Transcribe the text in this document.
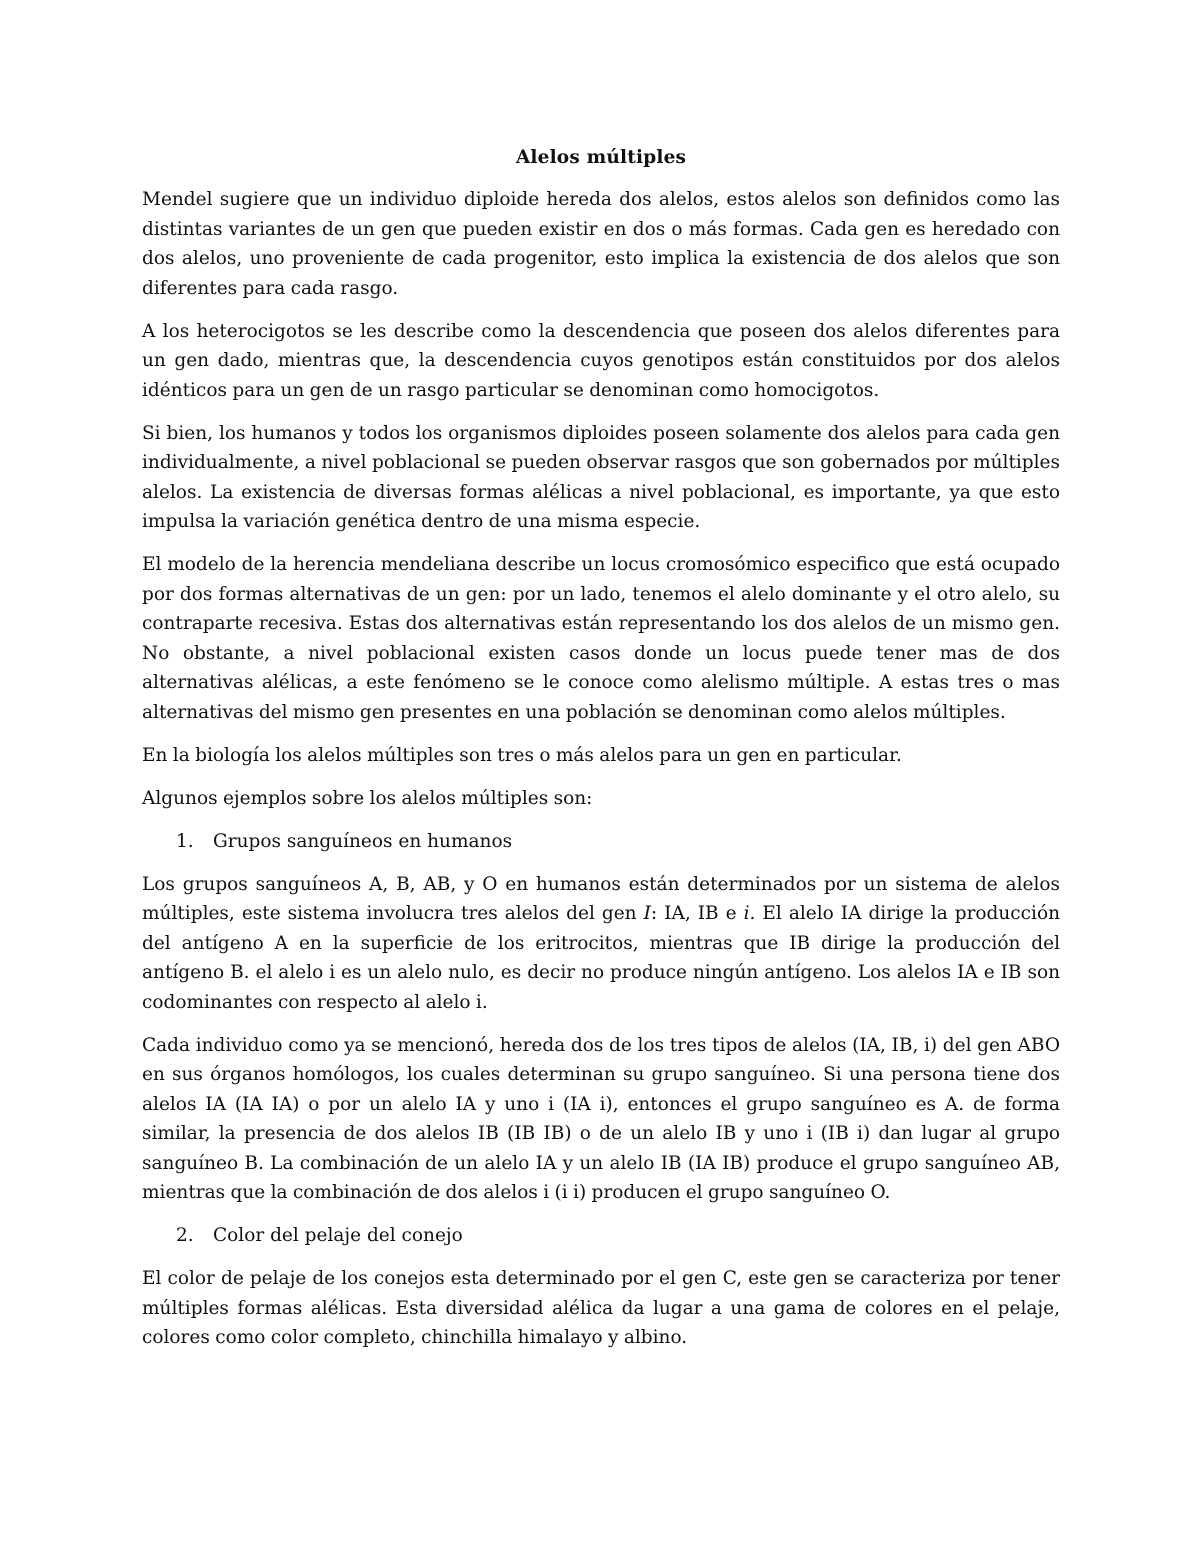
Alelos múltiples

Mendel sugiere que un individuo diploide hereda dos alelos, estos alelos son definidos como las distintas variantes de un gen que pueden existir en dos o más formas. Cada gen es heredado con dos alelos, uno proveniente de cada progenitor, esto implica la existencia de dos alelos que son diferentes para cada rasgo.

A los heterocigotos se les describe como la descendencia que poseen dos alelos diferentes para un gen dado, mientras que, la descendencia cuyos genotipos están constituidos por dos alelos idénticos para un gen de un rasgo particular se denominan como homocigotos.

Si bien, los humanos y todos los organismos diploides poseen solamente dos alelos para cada gen individualmente, a nivel poblacional se pueden observar rasgos que son gobernados por múltiples alelos. La existencia de diversas formas alélicas a nivel poblacional, es importante, ya que esto impulsa la variación genética dentro de una misma especie.

El modelo de la herencia mendeliana describe un locus cromosómico especifico que está ocupado por dos formas alternativas de un gen: por un lado, tenemos el alelo dominante y el otro alelo, su contraparte recesiva. Estas dos alternativas están representando los dos alelos de un mismo gen. No obstante, a nivel poblacional existen casos donde un locus puede tener mas de dos alternativas alélicas, a este fenómeno se le conoce como alelismo múltiple. A estas tres o mas alternativas del mismo gen presentes en una población se denominan como alelos múltiples.

En la biología los alelos múltiples son tres o más alelos para un gen en particular.

Algunos ejemplos sobre los alelos múltiples son:

1.	Grupos sanguíneos en humanos

Los grupos sanguíneos A, B, AB, y O en humanos están determinados por un sistema de alelos múltiples, este sistema involucra tres alelos del gen I: IA, IB e i. El alelo IA dirige la producción del antígeno A en la superficie de los eritrocitos, mientras que IB dirige la producción del antígeno B. el alelo i es un alelo nulo, es decir no produce ningún antígeno. Los alelos IA e IB son codominantes con respecto al alelo i.

Cada individuo como ya se mencionó, hereda dos de los tres tipos de alelos (IA, IB, i) del gen ABO en sus órganos homólogos, los cuales determinan su grupo sanguíneo. Si una persona tiene dos alelos IA (IA IA) o por un alelo IA y uno i (IA i), entonces el grupo sanguíneo es A. de forma similar, la presencia de dos alelos IB (IB IB) o de un alelo IB y uno i (IB i) dan lugar al grupo sanguíneo B. La combinación de un alelo IA y un alelo IB (IA IB) produce el grupo sanguíneo AB, mientras que la combinación de dos alelos i (i i) producen el grupo sanguíneo O.

2.	Color del pelaje del conejo

El color de pelaje de los conejos esta determinado por el gen C, este gen se caracteriza por tener múltiples formas alélicas. Esta diversidad alélica da lugar a una gama de colores en el pelaje, colores como color completo, chinchilla himalayo y albino.
